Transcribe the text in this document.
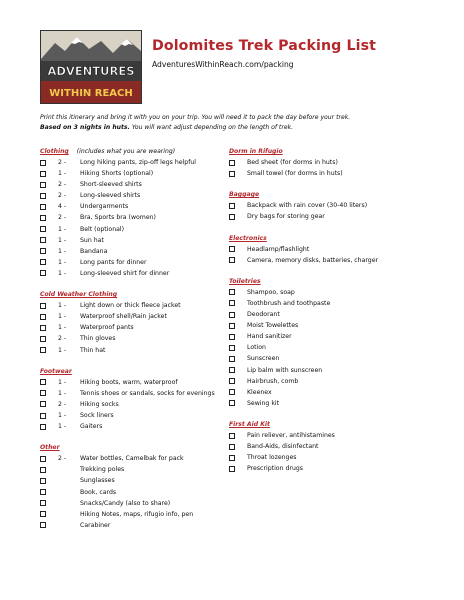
ADVENTURES
WITHIN REACH
Dolomites Trek Packing List

AdventuresWithinReach.com/packing

Print this itinerary and bring it with you on your trip. You will need it to pack the day before your trek.
Based on 3 nights in huts. You will want adjust depending on the length of trek.
Clothing (includes what you are wearing)
2 -	Long hiking pants, zip-off legs helpful
1 -	Hiking Shorts (optional)
2 -	Short-sleeved shirts
2 -	Long-sleeved shirts
4 -	Undergarments
2 -	Bra, Sports bra (women)
1 -	Belt (optional)
1 -	Sun hat
1 -	Bandana
1 -	Long pants for dinner
1 -	Long-sleeved shirt for dinner
Cold Weather Clothing
1 -	Light down or thick fleece jacket
1 -	Waterproof shell/Rain jacket
1 -	Waterproof pants
2 -	Thin gloves
1 -	Thin hat
Footwear
1 -	Hiking boots, warm, waterproof
1 -	Tennis shoes or sandals, socks for evenings
2 -	Hiking socks
1 -	Sock liners
1 -	Gaiters
Other
2 -	Water bottles, Camelbak for pack
Trekking poles
Sunglasses
Book, cards
Snacks/Candy (also to share)
Hiking Notes, maps, rifugio info, pen
Carabiner
Dorm in Rifugio
Bed sheet (for dorms in huts)
Small towel (for dorms in huts)
Baggage
Backpack with rain cover (30-40 liters)
Dry bags for storing gear
Electronics
Headlamp/flashlight
Camera, memory disks, batteries, charger
Toiletries
Shampoo, soap
Toothbrush and toothpaste
Deodorant
Moist Towelettes
Hand sanitizer
Lotion
Sunscreen
Lip balm with sunscreen
Hairbrush, comb
Kleenex
Sewing kit
First Aid Kit
Pain reliever, antihistamines
Band-Aids, disinfectant
Throat lozenges
Prescription drugs
